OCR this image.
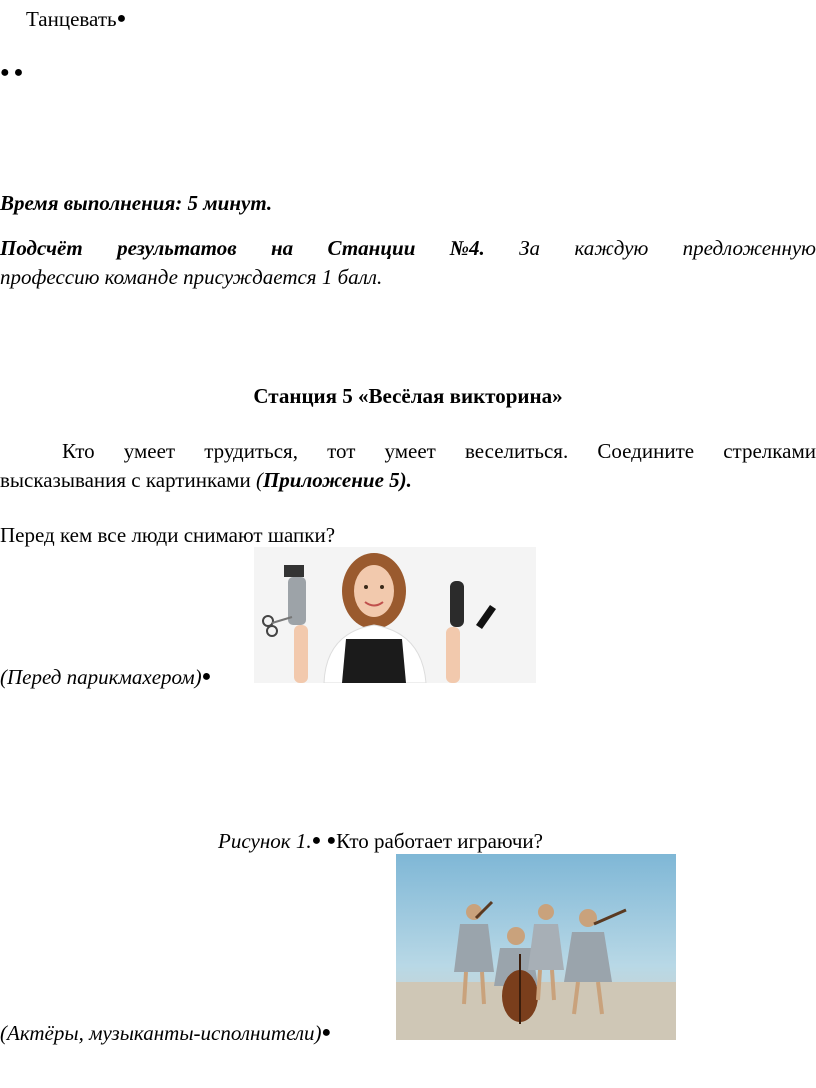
Танцевать●
● ●
Время выполнения: 5 минут.
Подсчёт результатов на Станции №4. За каждую предложенную
профессию команде присуждается 1 балл.
Станция 5 «Весёлая викторина»
Кто умеет трудиться, тот умеет веселиться. Соедините стрелками
высказывания с картинками (Приложение 5).
Перед кем все люди снимают шапки?
(Перед парикмахером)●
Рисунок 1.● ●Кто работает играючи?
(Актёры, музыканты-исполнители)●
